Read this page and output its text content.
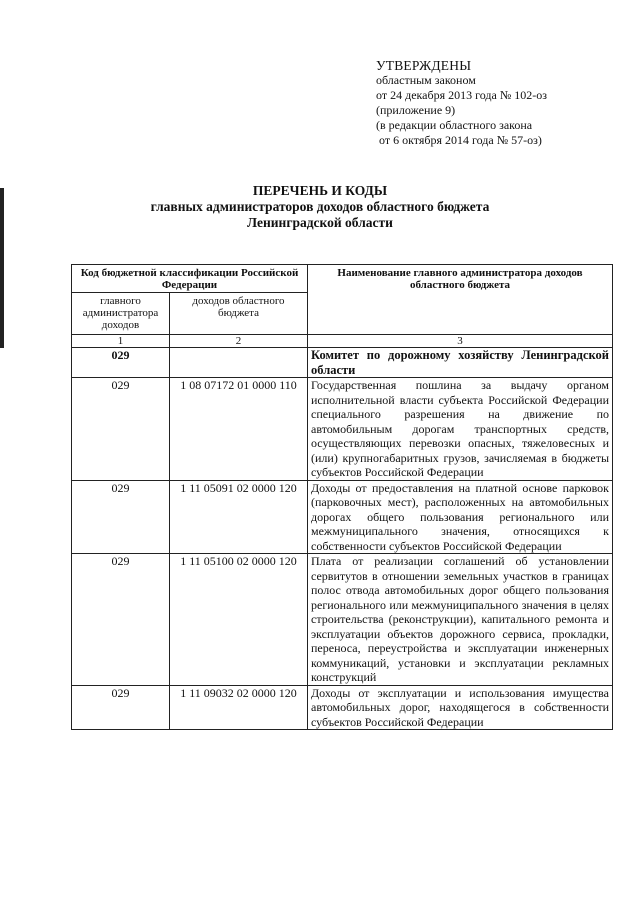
УТВЕРЖДЕНЫ
областным законом
от 24 декабря 2013 года № 102-оз
(приложение 9)
(в редакции областного закона
от 6 октября 2014 года № 57-оз)
ПЕРЕЧЕНЬ И КОДЫ
главных администраторов доходов областного бюджета
Ленинградской области
Код бюджетной классификации Российской Федерации		Наименование главного администратора доходов областного бюджета
главного администратора доходов	доходов областного бюджета	
1	2	3
029		Комитет по дорожному хозяйству Ленинградской области
029	1 08 07172 01 0000 110	Государственная пошлина за выдачу органом исполнительной власти субъекта Российской Федерации специального разрешения на движение по автомобильным дорогам транспортных средств, осуществляющих перевозки опасных, тяжеловесных и (или) крупногабаритных грузов, зачисляемая в бюджеты субъектов Российской Федерации
029	1 11 05091 02 0000 120	Доходы от предоставления на платной основе парковок (парковочных мест), расположенных на автомобильных дорогах общего пользования регионального или межмуниципального значения, относящихся к собственности субъектов Российской Федерации
029	1 11 05100 02 0000 120	Плата от реализации соглашений об установлении сервитутов в отношении земельных участков в границах полос отвода автомобильных дорог общего пользования регионального или межмуниципального значения в целях строительства (реконструкции), капитального ремонта и эксплуатации объектов дорожного сервиса, прокладки, переноса, переустройства и эксплуатации инженерных коммуникаций, установки и эксплуатации рекламных конструкций
029	1 11 09032 02 0000 120	Доходы от эксплуатации и использования имущества автомобильных дорог, находящегося в собственности субъектов Российской Федерации
